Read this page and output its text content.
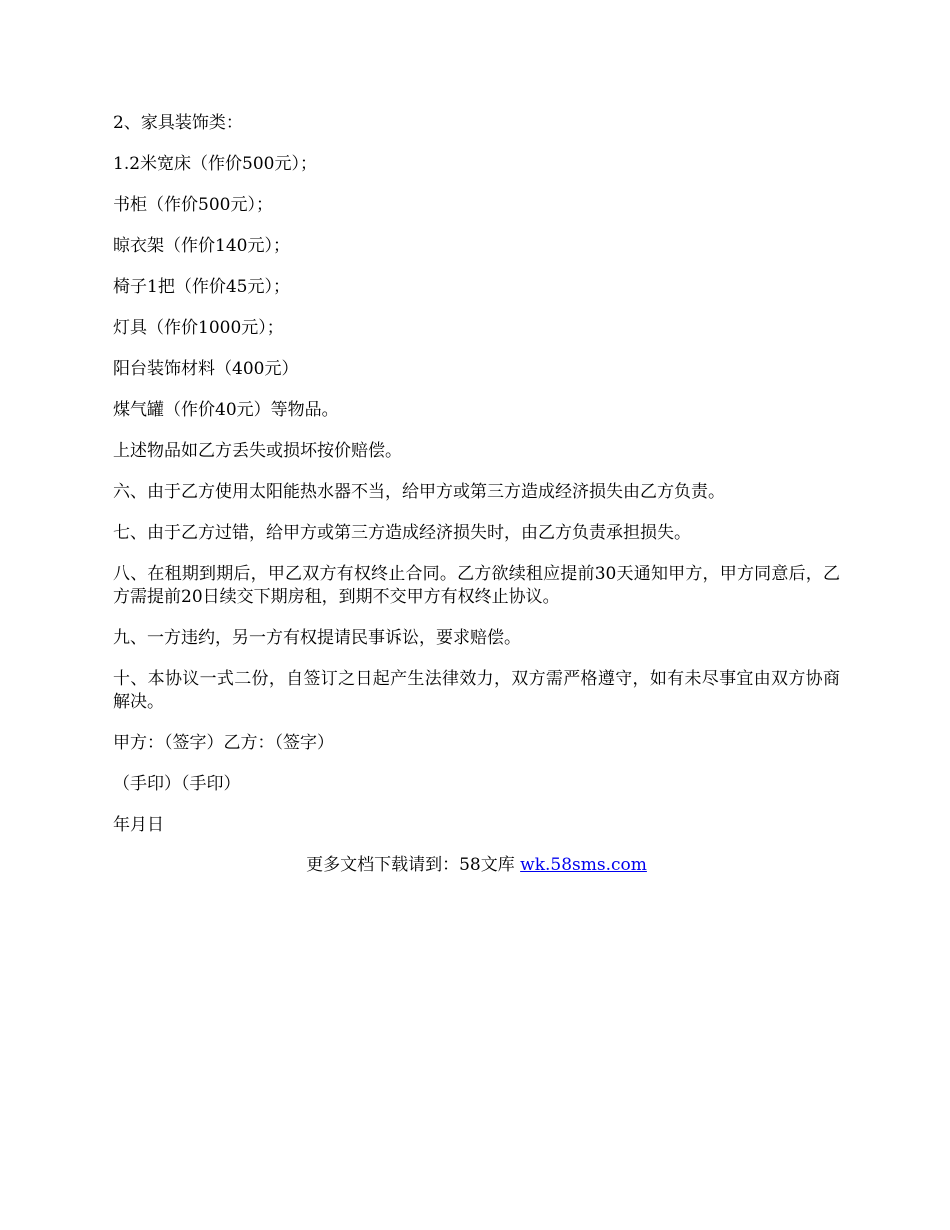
2、家具装饰类：

1.2米宽床（作价500元）；

书柜（作价500元）；

晾衣架（作价140元）；

椅子1把（作价45元）；

灯具（作价1000元）；

阳台装饰材料（400元）

煤气罐（作价40元）等物品。

上述物品如乙方丢失或损坏按价赔偿。

六、由于乙方使用太阳能热水器不当，给甲方或第三方造成经济损失由乙方负责。

七、由于乙方过错，给甲方或第三方造成经济损失时，由乙方负责承担损失。

八、在租期到期后，甲乙双方有权终止合同。乙方欲续租应提前30天通知甲方，甲方同意后，乙方需提前20日续交下期房租，到期不交甲方有权终止协议。

九、一方违约，另一方有权提请民事诉讼，要求赔偿。

十、本协议一式二份，自签订之日起产生法律效力，双方需严格遵守，如有未尽事宜由双方协商解决。

甲方：（签字）乙方：（签字）

（手印）（手印）

年月日

更多文档下载请到：58文库 wk.58sms.com
